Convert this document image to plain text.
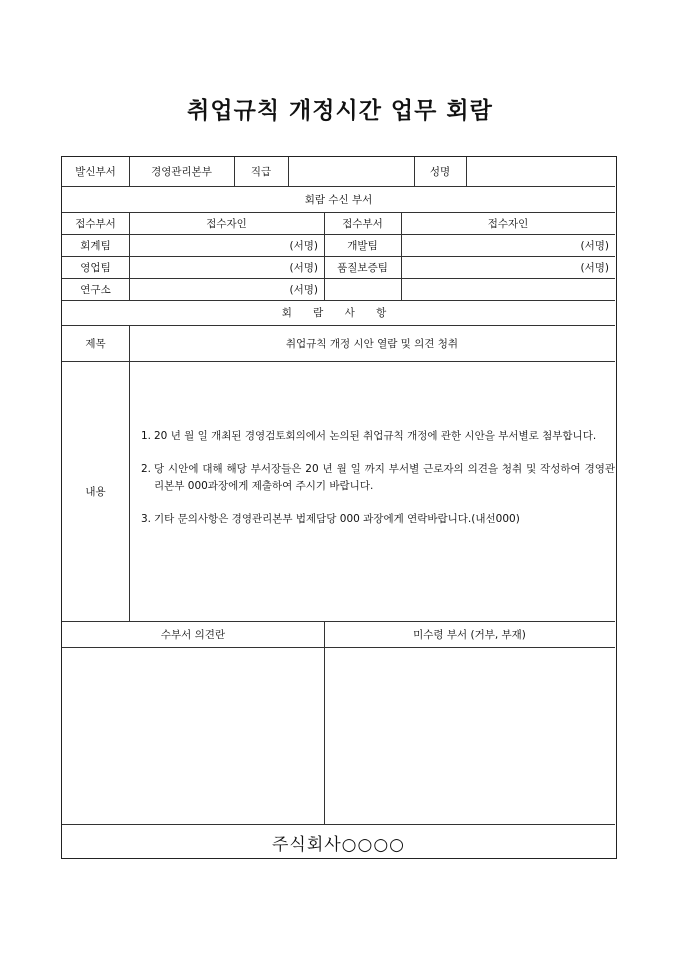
취업규칙 개정시간 업무 회람
발신부서	경영관리본부	직급	성명
회람 수신 부서
접수부서	접수자인	접수부서	접수자인
회계팀	(서명)	개발팀	(서명)
영업팀	(서명)	품질보증팀	(서명)
연구소	(서명)
회 람 사 항
제목	취업규칙 개정 시안 열람 및 의견 청취
내용
1. 20 년 월 일 개최된 경영검토회의에서 논의된 취업규칙 개정에 관한 시안을 부서별로 첨부합니다.
2. 당 시안에 대해 해당 부서장들은 20 년 월 일 까지 부서별 근로자의 의견을 청취 및 작성하여 경영관리본부 000과장에게 제출하여 주시기 바랍니다.
3. 기타 문의사항은 경영관리본부 법제담당 000 과장에게 연락바랍니다.(내선000)
수부서 의견란	미수령 부서 (거부, 부재)
주식회사○○○○
